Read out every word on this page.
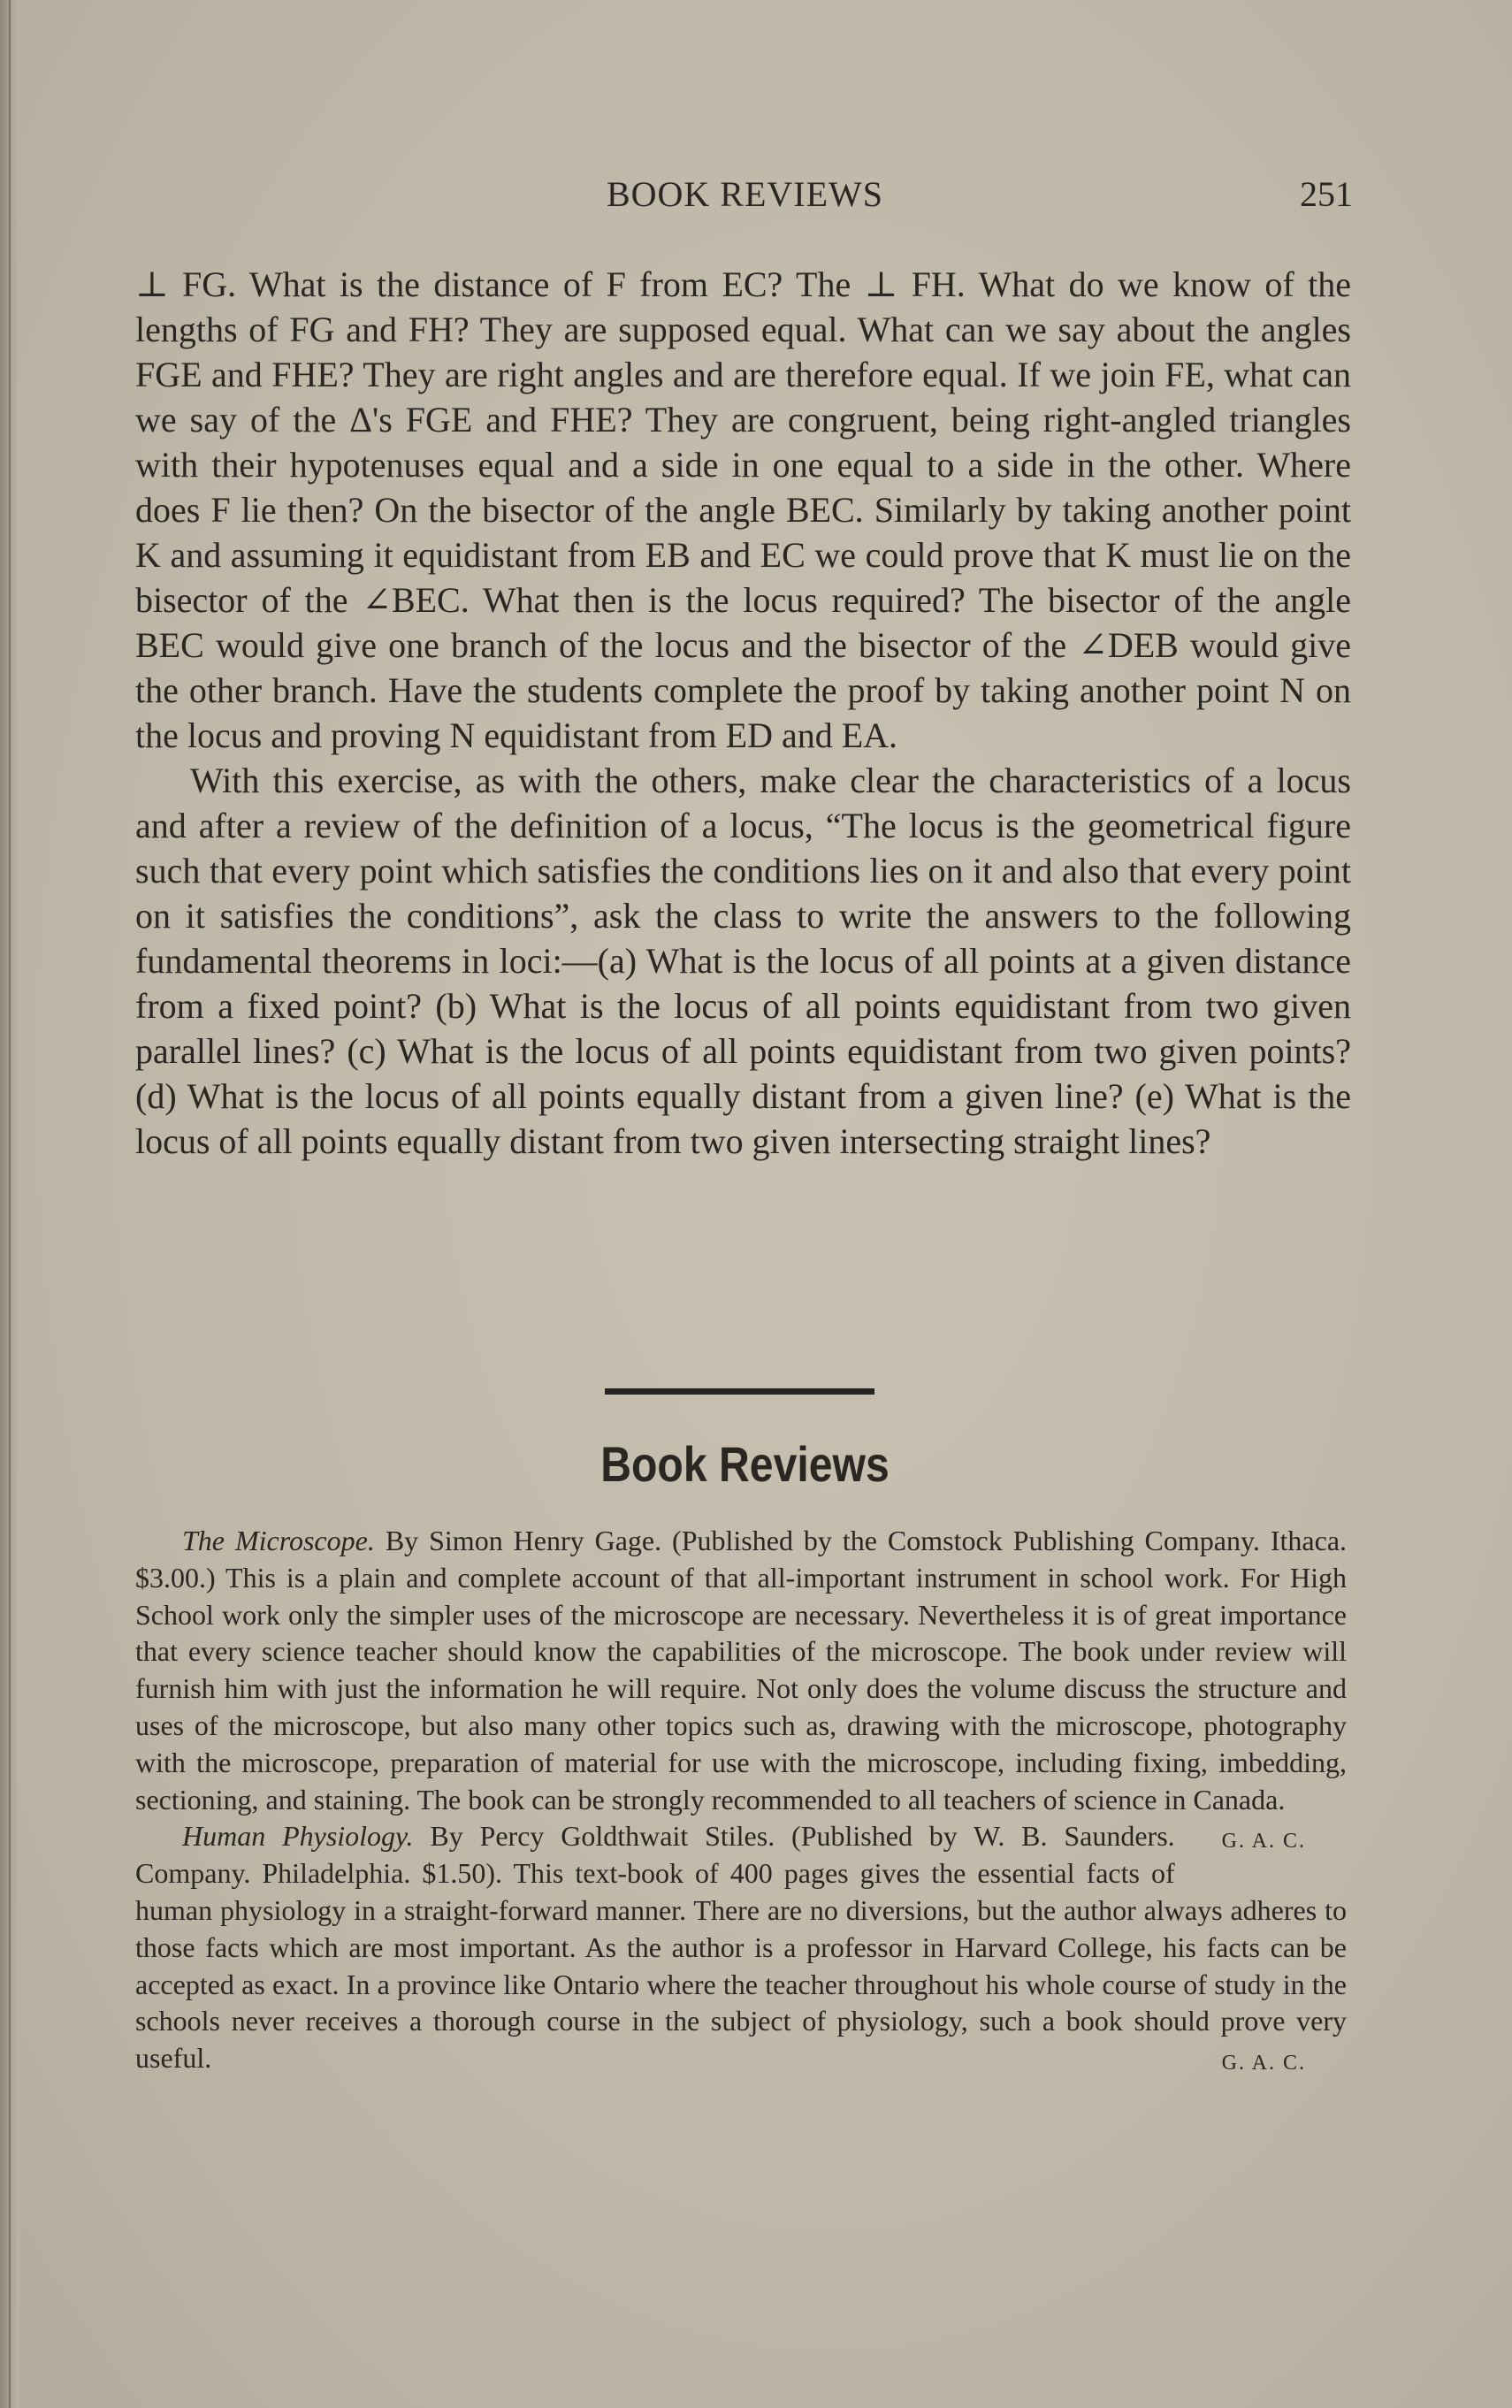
BOOK REVIEWS	251

⊥ FG. What is the distance of F from EC? The ⊥ FH. What do we know of the lengths of FG and FH? They are supposed equal. What can we say about the angles FGE and FHE? They are right angles and are therefore equal. If we join FE, what can we say of the Δ's FGE and FHE? They are congruent, being right-angled triangles with their hypotenuses equal and a side in one equal to a side in the other. Where does F lie then? On the bisector of the angle BEC. Similarly by taking another point K and assuming it equidistant from EB and EC we could prove that K must lie on the bisector of the ∠BEC. What then is the locus required? The bisector of the angle BEC would give one branch of the locus and the bisector of the ∠DEB would give the other branch. Have the students complete the proof by taking another point N on the locus and proving N equidistant from ED and EA.

With this exercise, as with the others, make clear the characteristics of a locus and after a review of the definition of a locus, “The locus is the geometrical figure such that every point which satisfies the conditions lies on it and also that every point on it satisfies the conditions”, ask the class to write the answers to the following fundamental theorems in loci:—(a) What is the locus of all points at a given distance from a fixed point? (b) What is the locus of all points equidistant from two given parallel lines? (c) What is the locus of all points equidistant from two given points? (d) What is the locus of all points equally distant from a given line? (e) What is the locus of all points equally distant from two given intersecting straight lines?

Book Reviews

The Microscope. By Simon Henry Gage. (Published by the Comstock Publishing Company. Ithaca. $3.00.) This is a plain and complete account of that all-important instrument in school work. For High School work only the simpler uses of the microscope are necessary. Nevertheless it is of great importance that every science teacher should know the capabilities of the microscope. The book under review will furnish him with just the information he will require. Not only does the volume discuss the structure and uses of the microscope, but also many other topics such as, drawing with the microscope, photography with the microscope, preparation of material for use with the microscope, including fixing, imbedding, sectioning, and staining. The book can be strongly recommended to all teachers of science in Canada.
G. A. C.

Human Physiology. By Percy Goldthwait Stiles. (Published by W. B. Saunders. Company. Philadelphia. $1.50). This text-book of 400 pages gives the essential facts of human physiology in a straight-forward manner. There are no diversions, but the author always adheres to those facts which are most important. As the author is a professor in Harvard College, his facts can be accepted as exact. In a province like Ontario where the teacher throughout his whole course of study in the schools never receives a thorough course in the subject of physiology, such a book should prove very useful.	G. A. C.
